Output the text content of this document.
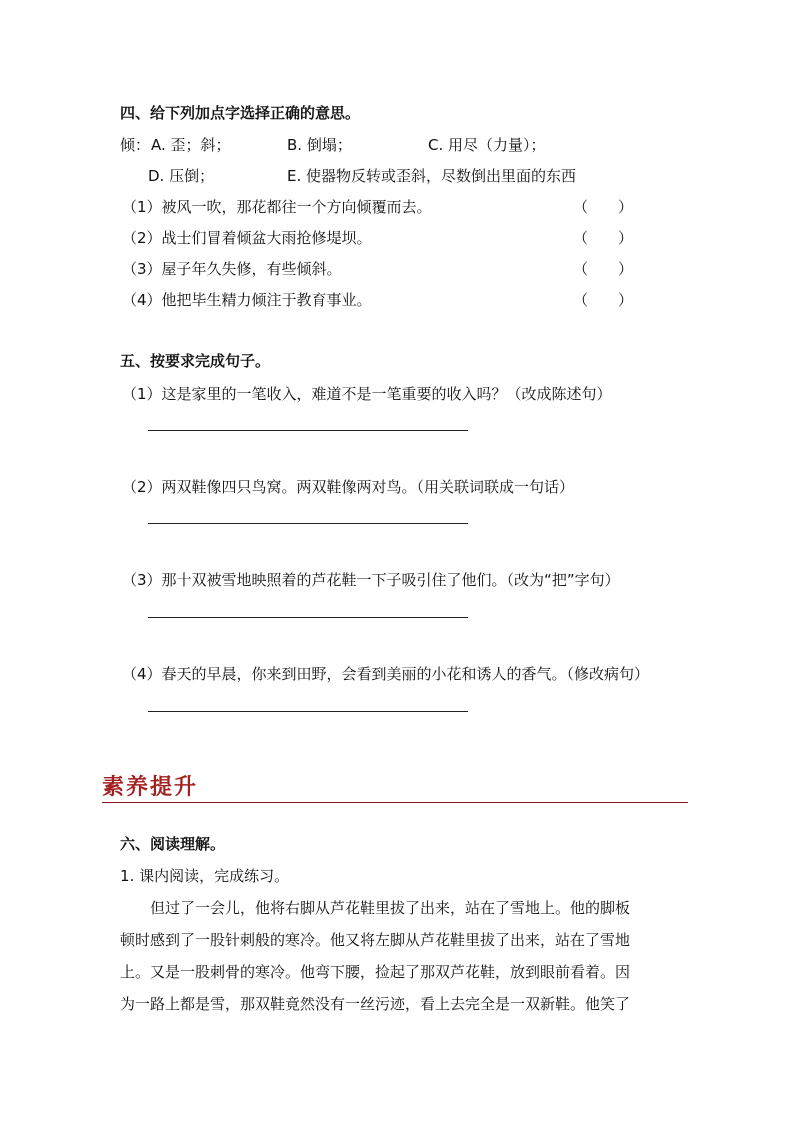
四、给下列加点字选择正确的意思。
倾： A. 歪；斜；	B. 倒塌；	C. 用尽（力量）；
D. 压倒；	E. 使器物反转或歪斜，尽数倒出里面的东西
（1）被风一吹，那花都往一个方向倾覆而去。	（　　）
（2）战士们冒着倾盆大雨抢修堤坝。	（　　）
（3）屋子年久失修，有些倾斜。	（　　）
（4）他把毕生精力倾注于教育事业。	（　　）
五、按要求完成句子。
（1）这是家里的一笔收入，难道不是一笔重要的收入吗？（改成陈述句）
（2）两双鞋像四只鸟窝。两双鞋像两对鸟。（用关联词联成一句话）
（3）那十双被雪地映照着的芦花鞋一下子吸引住了他们。（改为“把”字句）
（4）春天的早晨，你来到田野，会看到美丽的小花和诱人的香气。（修改病句）
素养提升
六、阅读理解。
1. 课内阅读，完成练习。
　　但过了一会儿，他将右脚从芦花鞋里拔了出来，站在了雪地上。他的脚板
顿时感到了一股针刺般的寒冷。他又将左脚从芦花鞋里拔了出来，站在了雪地
上。又是一股刺骨的寒冷。他弯下腰，捡起了那双芦花鞋，放到眼前看着。因
为一路上都是雪，那双鞋竟然没有一丝污迹，看上去完全是一双新鞋。他笑了
